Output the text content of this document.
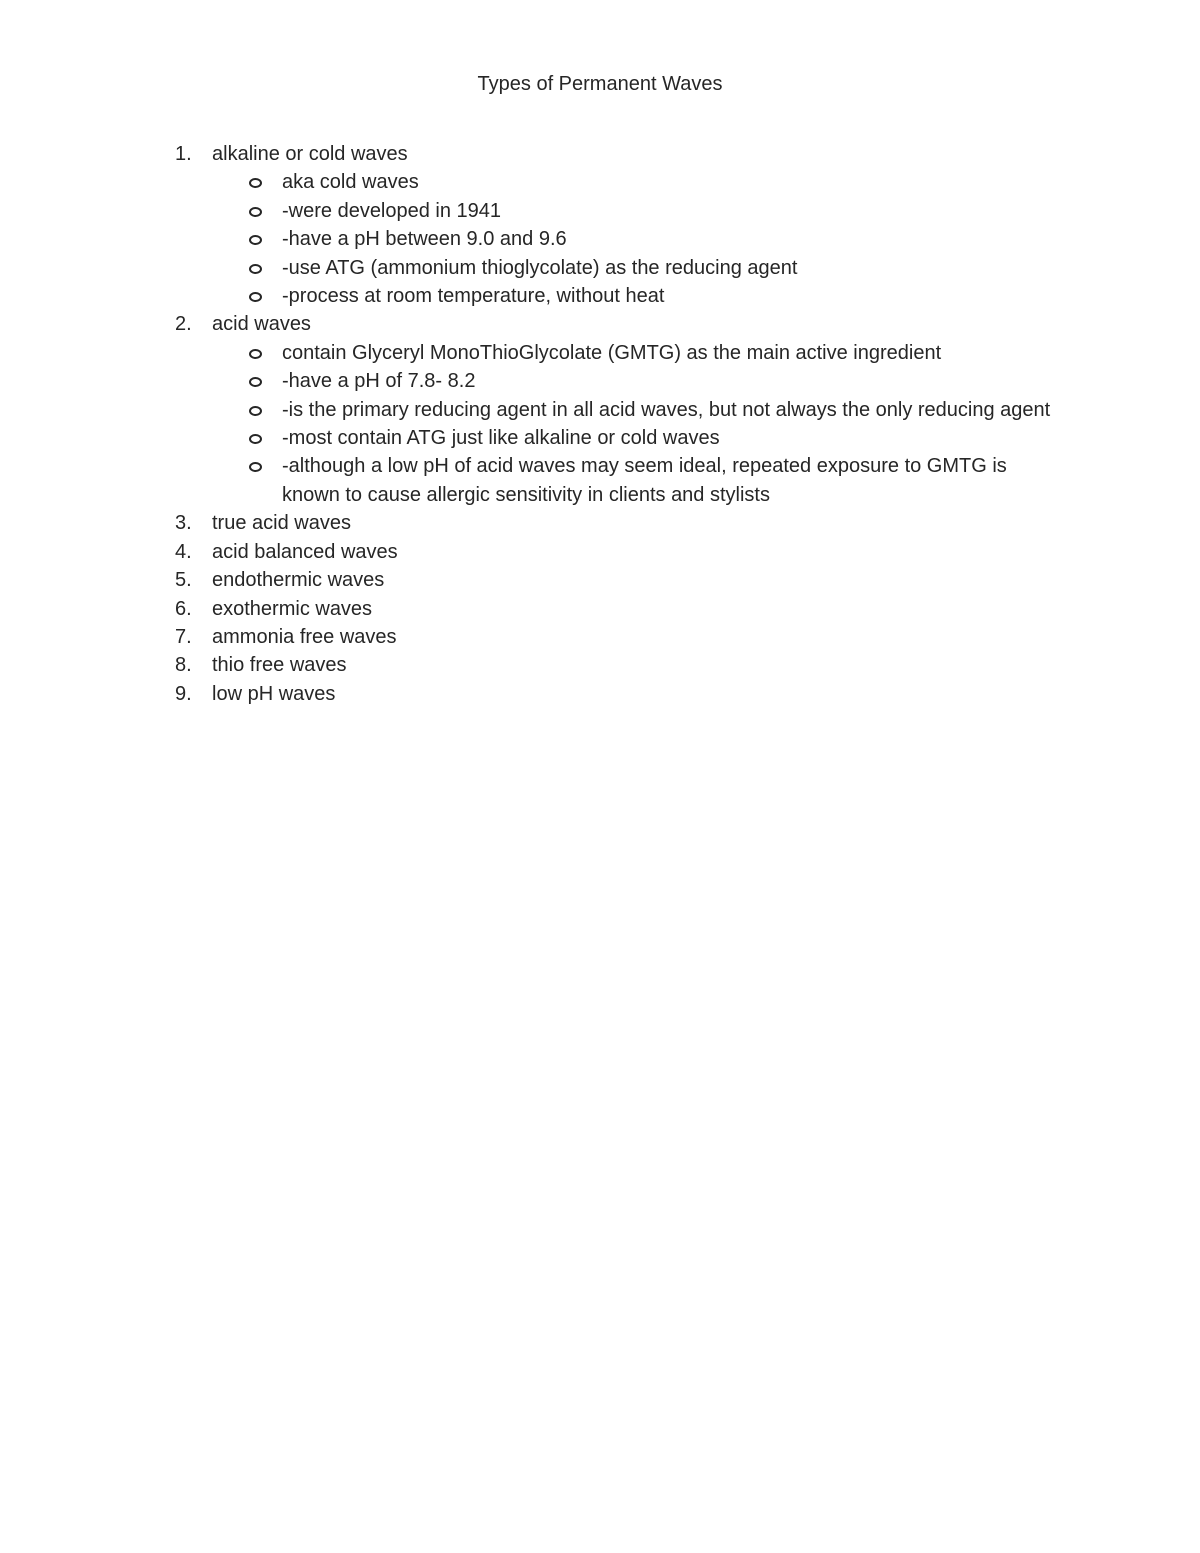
Types of Permanent Waves
1.	alkaline or cold waves
aka cold waves
-were developed in 1941
-have a pH between 9.0 and 9.6
-use ATG (ammonium thioglycolate) as the reducing agent
-process at room temperature, without heat
2.	acid waves
contain Glyceryl MonoThioGlycolate (GMTG) as the main active ingredient
-have a pH of 7.8- 8.2
-is the primary reducing agent in all acid waves, but not always the only reducing agent
-most contain ATG just like alkaline or cold waves
-although a low pH of acid waves may seem ideal, repeated exposure to GMTG is known to cause allergic sensitivity in clients and stylists
3.	true acid waves
4.	acid balanced waves
5.	endothermic waves
6.	exothermic waves
7.	ammonia free waves
8.	thio free waves
9.	low pH waves
